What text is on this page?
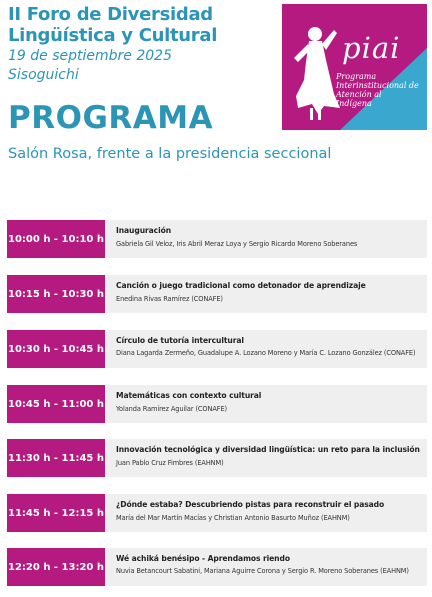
II Foro de Diversidad
Lingüística y Cultural
19 de septiembre 2025
Sisoguichi
PROGRAMA
Salón Rosa, frente a la presidencia seccional
piai
Programa
Interinstitucional de
Atención al
Indígena
10:00 h - 10:10 h
Inauguración
Gabriela Gil Veloz, Iris Abril Meraz Loya y Sergio Ricardo Moreno Soberanes
10:15 h - 10:30 h
Canción o juego tradicional como detonador de aprendizaje
Enedina Rivas Ramírez (CONAFE)
10:30 h - 10:45 h
Círculo de tutoría intercultural
Diana Lagarda Zermeño, Guadalupe A. Lozano Moreno y María C. Lozano González (CONAFE)
10:45 h - 11:00 h
Matemáticas con contexto cultural
Yolanda Ramírez Aguilar (CONAFE)
11:30 h - 11:45 h
Innovación tecnológica y diversidad lingüística: un reto para la inclusión
Juan Pablo Cruz Fimbres (EAHNM)
11:45 h - 12:15 h
¿Dónde estaba? Descubriendo pistas para reconstruir el pasado
María del Mar Martín Macías y Christian Antonio Basurto Muñoz (EAHNM)
12:20 h - 13:20 h
Wé achiká benésipo - Aprendamos riendo
Nuvia Betancourt Sabatini, Mariana Aguirre Corona y Sergio R. Moreno Soberanes (EAHNM)
